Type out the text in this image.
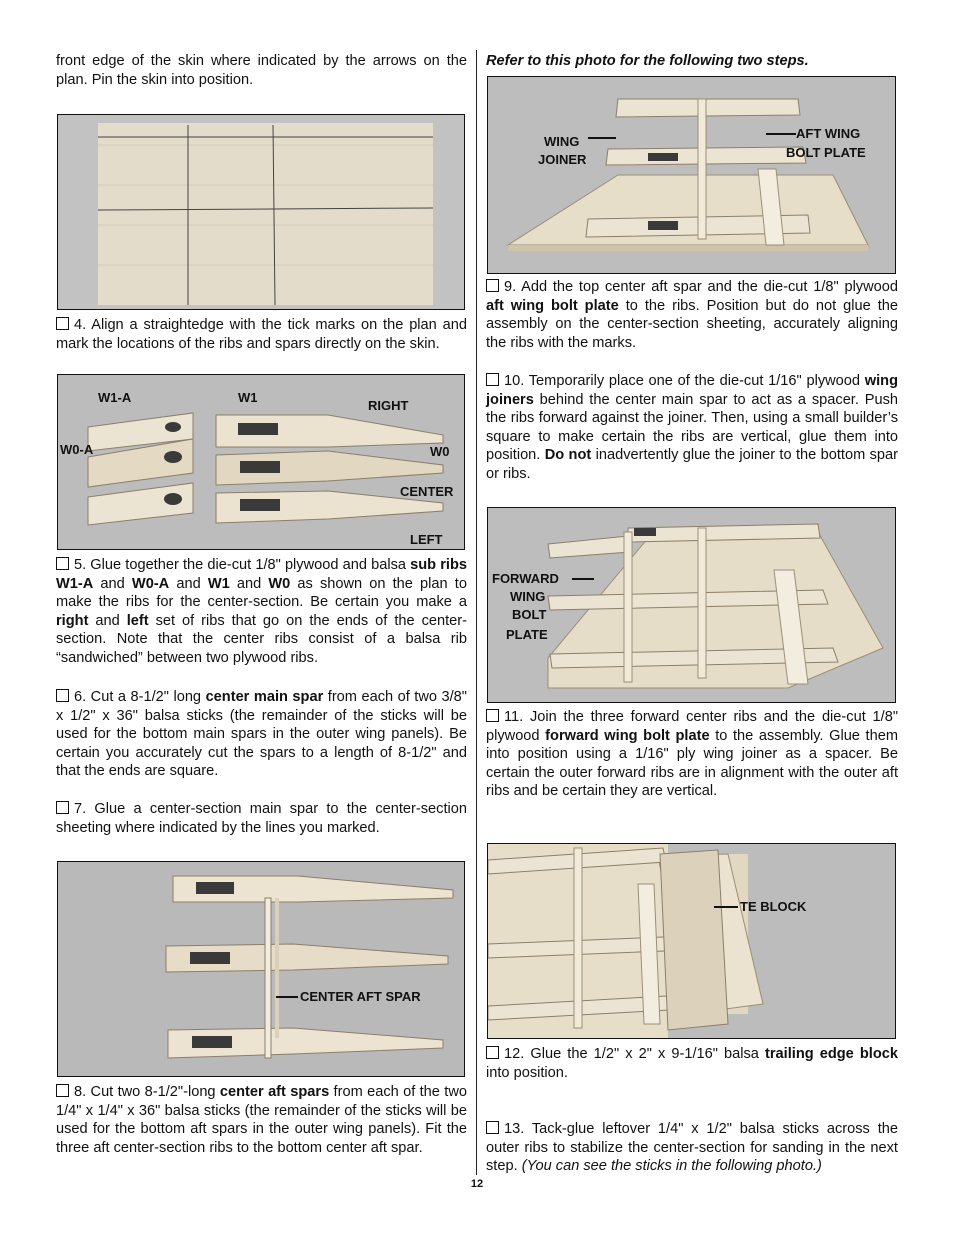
front edge of the skin where indicated by the arrows on the plan. Pin the skin into position.

4. Align a straightedge with the tick marks on the plan and mark the locations of the ribs and spars directly on the skin.

W1-A	W1
RIGHT
W0-A	W0
CENTER
LEFT

5. Glue together the die-cut 1/8" plywood and balsa sub ribs W1-A and W0-A and W1 and W0 as shown on the plan to make the ribs for the center-section. Be certain you make a right and left set of ribs that go on the ends of the center-section. Note that the center ribs consist of a balsa rib “sandwiched” between two plywood ribs.

6. Cut a 8-1/2" long center main spar from each of two 3/8" x 1/2" x 36" balsa sticks (the remainder of the sticks will be used for the bottom main spars in the outer wing panels). Be certain you accurately cut the spars to a length of 8-1/2" and that the ends are square.

7. Glue a center-section main spar to the center-section sheeting where indicated by the lines you marked.

CENTER AFT SPAR

8. Cut two 8-1/2"-long center aft spars from each of the two 1/4" x 1/4" x 36" balsa sticks (the remainder of the sticks will be used for the bottom aft spars in the outer wing panels). Fit the three aft center-section ribs to the bottom center aft spar.

Refer to this photo for the following two steps.

WING
JOINER
AFT WING
BOLT PLATE

9. Add the top center aft spar and the die-cut 1/8" plywood aft wing bolt plate to the ribs. Position but do not glue the assembly on the center-section sheeting, accurately aligning the ribs with the marks.

10. Temporarily place one of the die-cut 1/16" plywood wing joiners behind the center main spar to act as a spacer. Push the ribs forward against the joiner. Then, using a small builder’s square to make certain the ribs are vertical, glue them into position. Do not inadvertently glue the joiner to the bottom spar or ribs.

FORWARD
WING
BOLT
PLATE

11. Join the three forward center ribs and the die-cut 1/8" plywood forward wing bolt plate to the assembly. Glue them into position using a 1/16" ply wing joiner as a spacer. Be certain the outer forward ribs are in alignment with the outer aft ribs and be certain they are vertical.

TE BLOCK

12. Glue the 1/2" x 2" x 9-1/16" balsa trailing edge block into position.

13. Tack-glue leftover 1/4" x 1/2" balsa sticks across the outer ribs to stabilize the center-section for sanding in the next step. (You can see the sticks in the following photo.)

12
